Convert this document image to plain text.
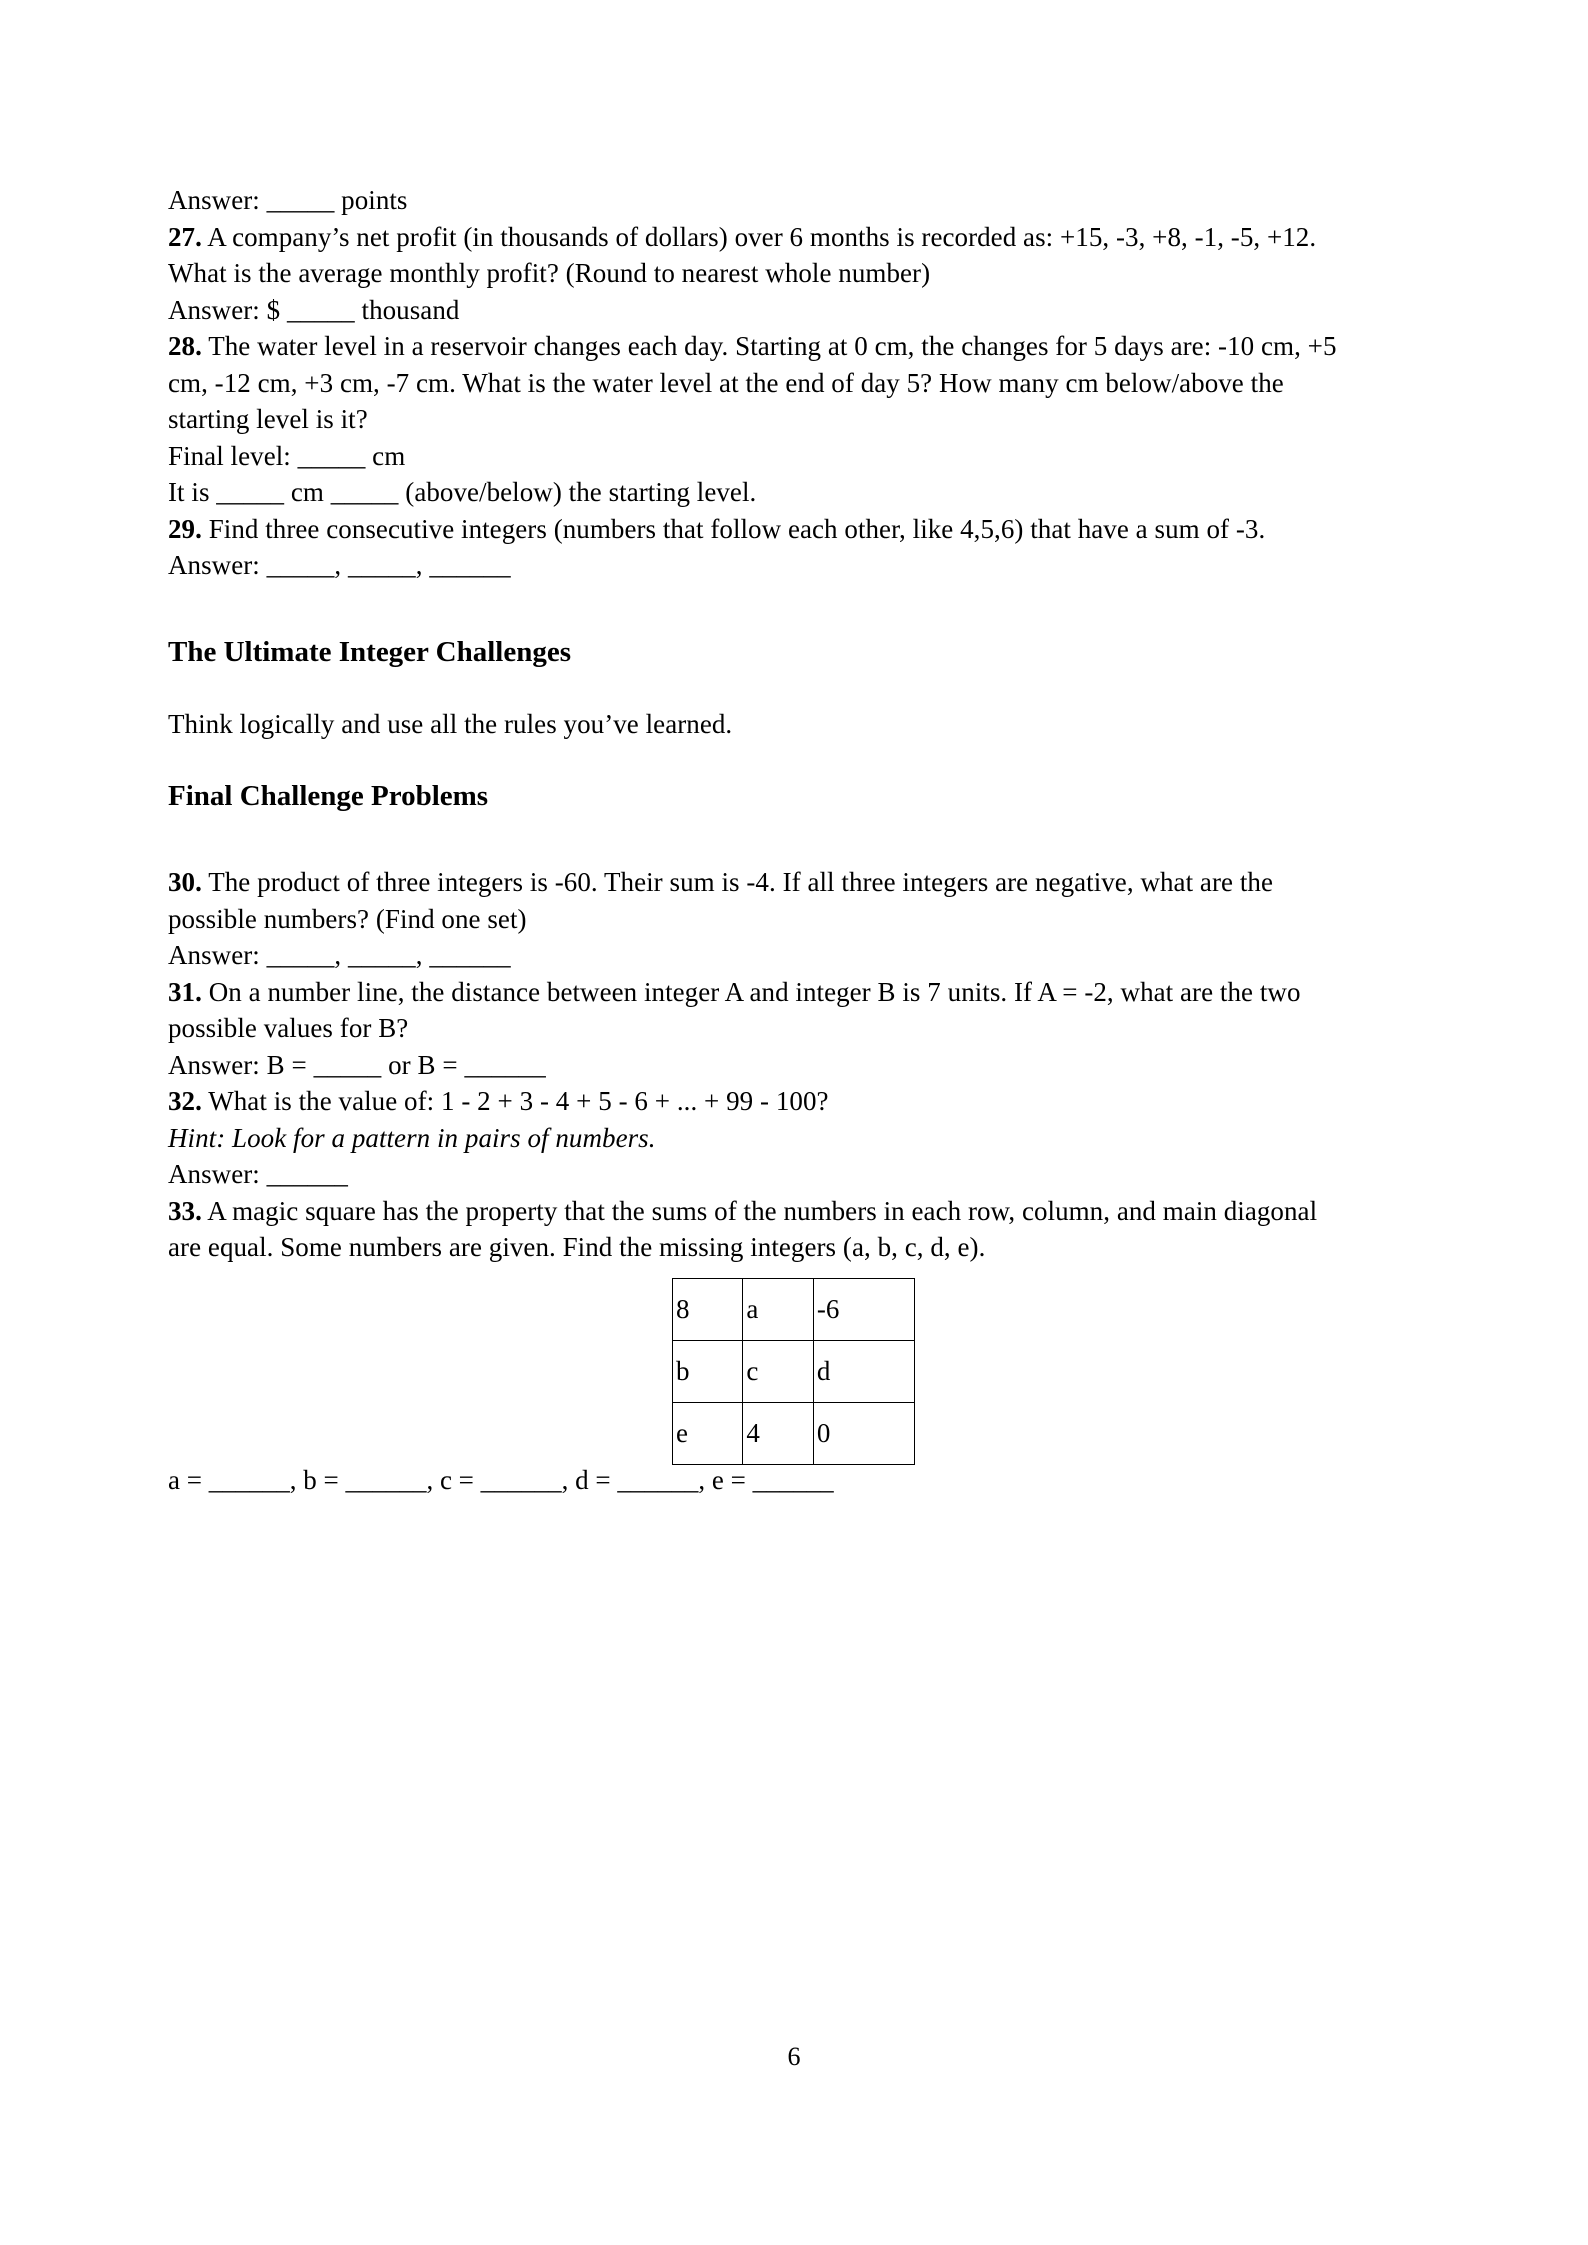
Answer: _____ points

27. A company’s net profit (in thousands of dollars) over 6 months is recorded as: +15, -3, +8, -1, -5, +12. What is the average monthly profit? (Round to nearest whole number)

Answer: $ _____ thousand

28. The water level in a reservoir changes each day. Starting at 0 cm, the changes for 5 days are: -10 cm, +5 cm, -12 cm, +3 cm, -7 cm. What is the water level at the end of day 5? How many cm below/above the starting level is it?

Final level: _____ cm

It is _____ cm _____ (above/below) the starting level.

29. Find three consecutive integers (numbers that follow each other, like 4,5,6) that have a sum of -3.

Answer: _____, _____, ______

The Ultimate Integer Challenges

Think logically and use all the rules you’ve learned.

Final Challenge Problems

30. The product of three integers is -60. Their sum is -4. If all three integers are negative, what are the possible numbers? (Find one set)

Answer: _____, _____, ______

31. On a number line, the distance between integer A and integer B is 7 units. If A = -2, what are the two possible values for B?

Answer: B = _____ or B = ______

32. What is the value of: 1 - 2 + 3 - 4 + 5 - 6 + ... + 99 - 100?

Hint: Look for a pattern in pairs of numbers.

Answer: ______

33. A magic square has the property that the sums of the numbers in each row, column, and main diagonal are equal. Some numbers are given. Find the missing integers (a, b, c, d, e).

8	a	-6
b	c	d
e	4	0

a = ______, b = ______, c = ______, d = ______, e = ______

6
